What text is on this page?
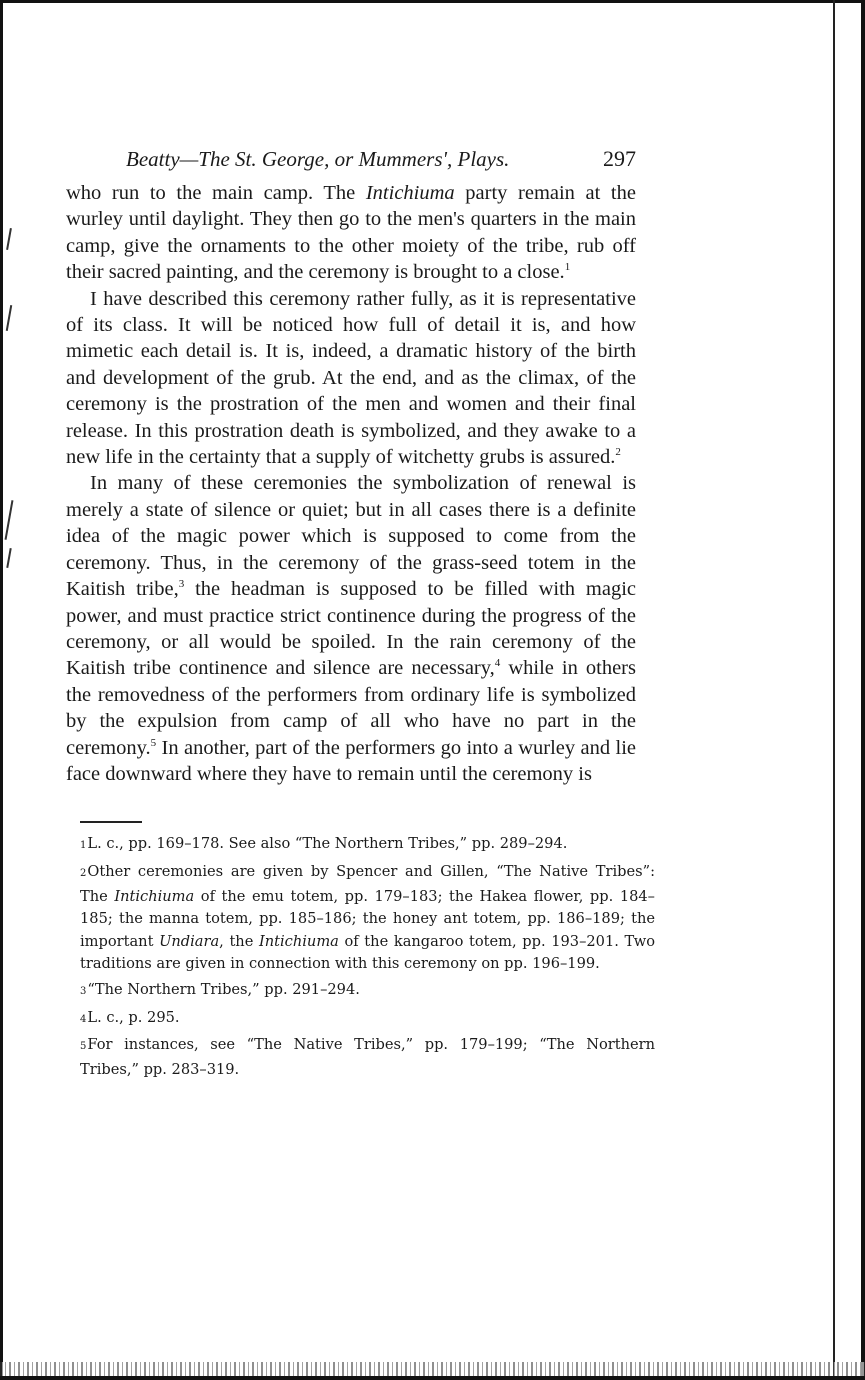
Beatty—The St. George, or Mummers', Plays.	297

who run to the main camp. The Intichiuma party remain at the wurley until daylight. They then go to the men's quarters in the main camp, give the ornaments to the other moiety of the tribe, rub off their sacred painting, and the ceremony is brought to a close.$^1$

I have described this ceremony rather fully, as it is representative of its class. It will be noticed how full of detail it is, and how mimetic each detail is. It is, indeed, a dramatic history of the birth and development of the grub. At the end, and as the climax, of the ceremony is the prostration of the men and women and their final release. In this prostration death is symbolized, and they awake to a new life in the certainty that a supply of witchetty grubs is assured.$^2$

In many of these ceremonies the symbolization of renewal is merely a state of silence or quiet; but in all cases there is a definite idea of the magic power which is supposed to come from the ceremony. Thus, in the ceremony of the grass-seed totem in the Kaitish tribe,$^3$ the headman is supposed to be filled with magic power, and must practice strict continence during the progress of the ceremony, or all would be spoiled. In the rain ceremony of the Kaitish tribe continence and silence are necessary,$^4$ while in others the removedness of the performers from ordinary life is symbolized by the expulsion from camp of all who have no part in the ceremony.$^5$ In another, part of the performers go into a wurley and lie face downward where they have to remain until the ceremony is

1L. c., pp. 169–178. See also “The Northern Tribes,” pp. 289–294.

2Other ceremonies are given by Spencer and Gillen, “The Native Tribes”: The Intichiuma of the emu totem, pp. 179–183; the Hakea flower, pp. 184–185; the manna totem, pp. 185–186; the honey ant totem, pp. 186–189; the important Undiara, the Intichiuma of the kangaroo totem, pp. 193–201. Two traditions are given in connection with this ceremony on pp. 196–199.

3“The Northern Tribes,” pp. 291–294.

4L. c., p. 295.

5For instances, see “The Native Tribes,” pp. 179–199; “The Northern Tribes,” pp. 283–319.
